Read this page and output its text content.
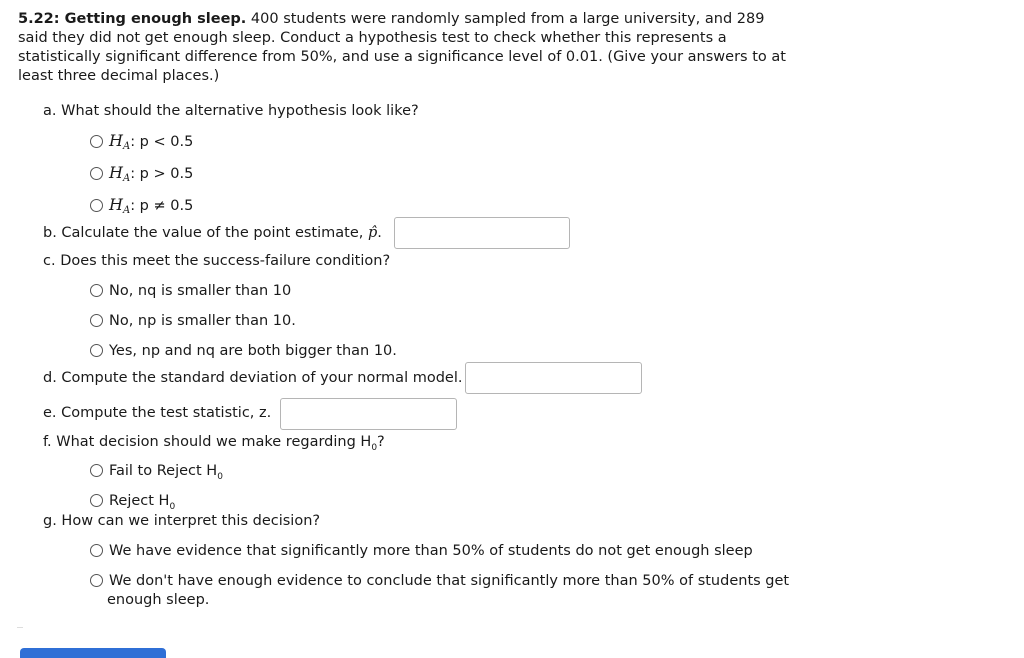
5.22: Getting enough sleep. 400 students were randomly sampled from a large university, and 289 said they did not get enough sleep. Conduct a hypothesis test to check whether this represents a statistically significant difference from 50%, and use a significance level of 0.01. (Give your answers to at least three decimal places.)
a. What should the alternative hypothesis look like?
$H_A$: p < 0.5
$H_A$: p > 0.5
$H_A$: p ≠ 0.5
b. Calculate the value of the point estimate, p̂.
c. Does this meet the success-failure condition?
No, nq is smaller than 10
No, np is smaller than 10.
Yes, np and nq are both bigger than 10.
d. Compute the standard deviation of your normal model.
e. Compute the test statistic, z.
f. What decision should we make regarding $H_0$?
Fail to Reject $H_0$
Reject $H_0$
g. How can we interpret this decision?
We have evidence that significantly more than 50% of students do not get enough sleep
We don't have enough evidence to conclude that significantly more than 50% of students get
enough sleep.
